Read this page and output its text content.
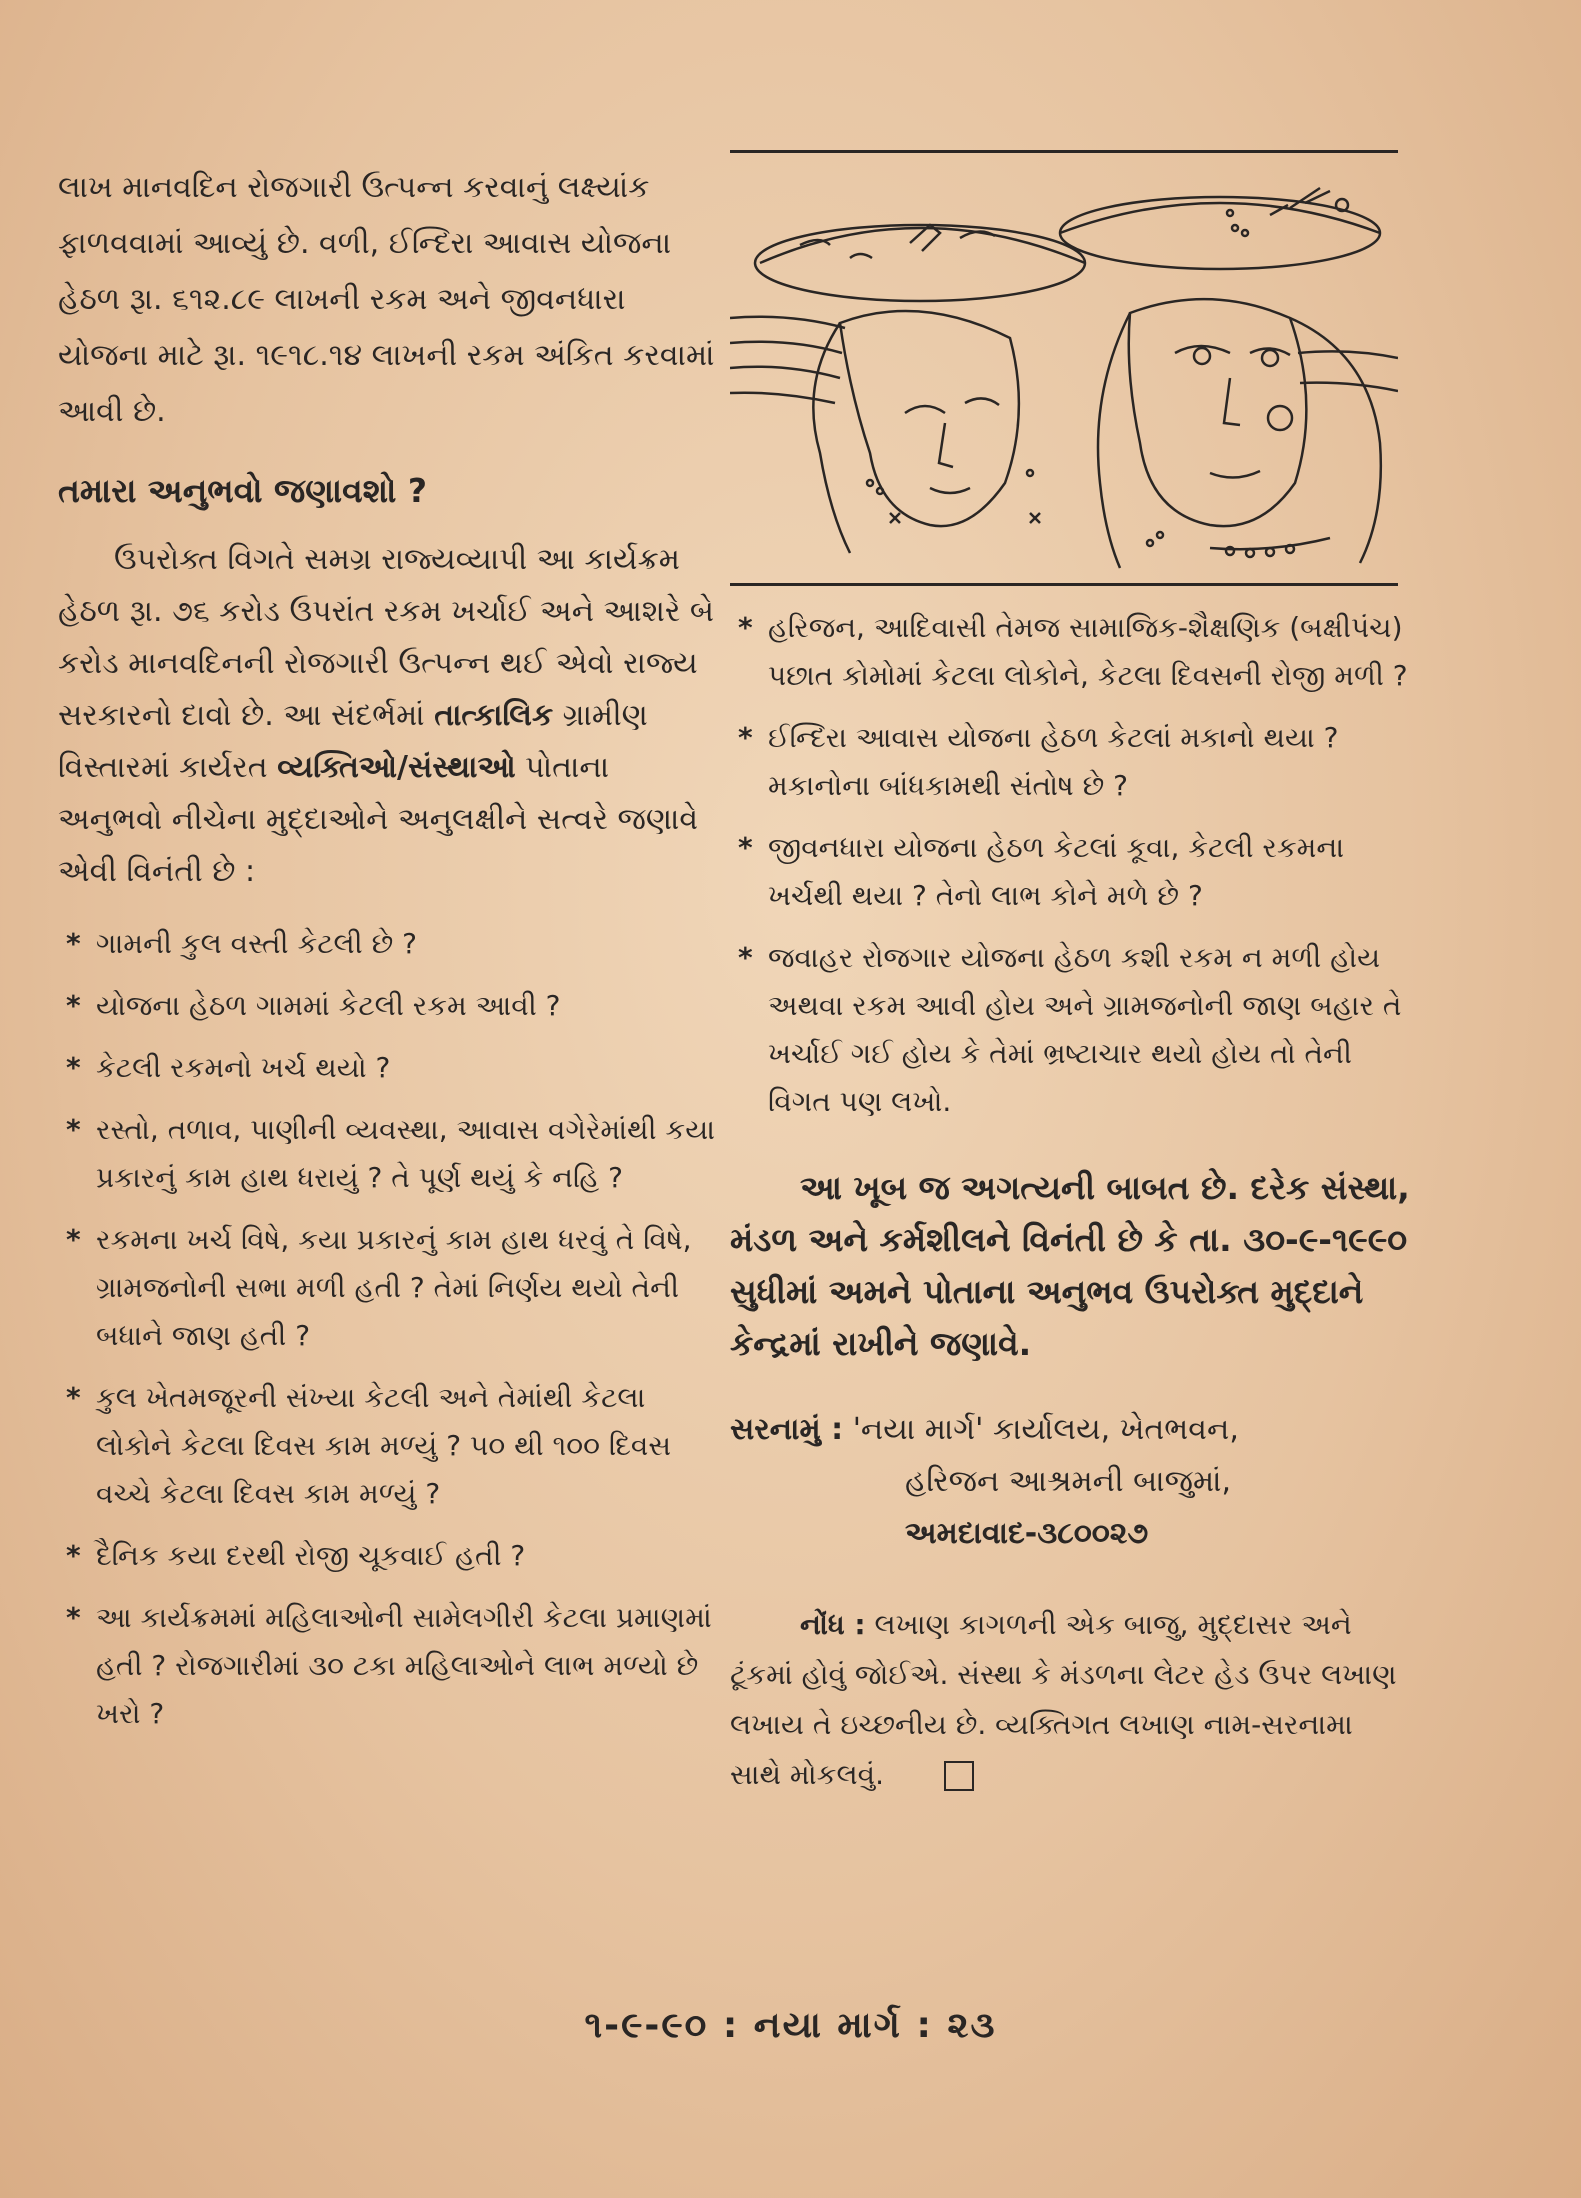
લાખ માનવદિન રોજગારી ઉત્પન્ન કરવાનું લક્ષ્યાંક ફાળવવામાં આવ્યું છે. વળી, ઈન્દિરા આવાસ યોજના હેઠળ રૂા. ૬૧૨.૮૯ લાખની રકમ અને જીવનધારા યોજના માટે રૂા. ૧૯૧૮.૧૪ લાખની રકમ અંકિત કરવામાં આવી છે.

તમારા અનુભવો જણાવશો ?

ઉપરોક્ત વિગતે સમગ્ર રાજ્યવ્યાપી આ કાર્યક્રમ હેઠળ રૂા. ૭૬ કરોડ ઉપરાંત રકમ ખર્ચાઈ અને આશરે બે કરોડ માનવદિનની રોજગારી ઉત્પન્ન થઈ એવો રાજ્ય સરકારનો દાવો છે. આ સંદર્ભમાં તાત્કાલિક ગ્રામીણ વિસ્તારમાં કાર્યરત વ્યક્તિઓ/સંસ્થાઓ પોતાના અનુભવો નીચેના મુદ્દાઓને અનુલક્ષીને સત્વરે જણાવે એવી વિનંતી છે :

* ગામની કુલ વસ્તી કેટલી છે ?
* યોજના હેઠળ ગામમાં કેટલી રકમ આવી ?
* કેટલી રકમનો ખર્ચ થયો ?
* રસ્તો, તળાવ, પાણીની વ્યવસ્થા, આવાસ વગેરેમાંથી કયા પ્રકારનું કામ હાથ ધરાયું ? તે પૂર્ણ થયું કે નહિ ?
* રકમના ખર્ચ વિષે, કયા પ્રકારનું કામ હાથ ધરવું તે વિષે, ગ્રામજનોની સભા મળી હતી ? તેમાં નિર્ણય થયો તેની બધાને જાણ હતી ?
* કુલ ખેતમજૂરની સંખ્યા કેટલી અને તેમાંથી કેટલા લોકોને કેટલા દિવસ કામ મળ્યું ? ૫૦ થી ૧૦૦ દિવસ વચ્ચે કેટલા દિવસ કામ મળ્યું ?
* દૈનિક કયા દરથી રોજી ચૂકવાઈ હતી ?
* આ કાર્યક્રમમાં મહિલાઓની સામેલગીરી કેટલા પ્રમાણમાં હતી ? રોજગારીમાં ૩૦ ટકા મહિલાઓને લાભ મળ્યો છે ખરો ?
* હરિજન, આદિવાસી તેમજ સામાજિક-શૈક્ષણિક (બક્ષીપંચ) પછાત કોમોમાં કેટલા લોકોને, કેટલા દિવસની રોજી મળી ?
* ઈન્દિરા આવાસ યોજના હેઠળ કેટલાં મકાનો થયા ? મકાનોના બાંધકામથી સંતોષ છે ?
* જીવનધારા યોજના હેઠળ કેટલાં કૂવા, કેટલી રકમના ખર્ચથી થયા ? તેનો લાભ કોને મળે છે ?
* જવાહર રોજગાર યોજના હેઠળ કશી રકમ ન મળી હોય અથવા રકમ આવી હોય અને ગ્રામજનોની જાણ બહાર તે ખર્ચાઈ ગઈ હોય કે તેમાં ભ્રષ્ટાચાર થયો હોય તો તેની વિગત પણ લખો.

આ ખૂબ જ અગત્યની બાબત છે. દરેક સંસ્થા, મંડળ અને કર્મશીલને વિનંતી છે કે તા. ૩૦-૯-૧૯૯૦ સુધીમાં અમને પોતાના અનુભવ ઉપરોક્ત મુદ્દાને કેન્દ્રમાં રાખીને જણાવે.

સરનામું : 'નયા માર્ગ' કાર્યાલય, ખેતભવન,
હરિજન આશ્રમની બાજુમાં,
અમદાવાદ-૩૮૦૦૨૭

નોંધ : લખાણ કાગળની એક બાજુ, મુદ્દાસર અને ટૂંકમાં હોવું જોઈએ. સંસ્થા કે મંડળના લેટર હેડ ઉપર લખાણ લખાય તે ઇચ્છનીય છે. વ્યક્તિગત લખાણ નામ-સરનામા સાથે મોકલવું.

૧-૯-૯૦ : નયા માર્ગ : ૨૩
